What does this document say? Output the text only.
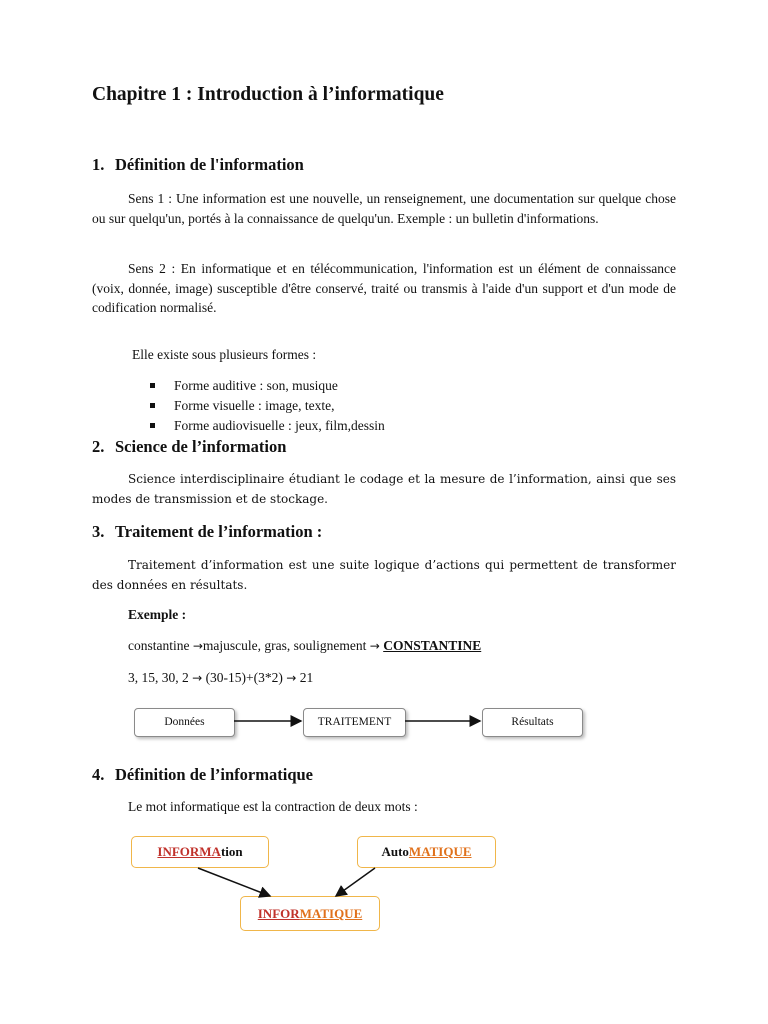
Chapitre 1 : Introduction à l’informatique
1. Définition de l'information

Sens 1 : Une information est une nouvelle, un renseignement, une documentation sur quelque chose ou sur quelqu'un, portés à la connaissance de quelqu'un. Exemple : un bulletin d'informations.

Sens 2 : En informatique et en télécommunication, l'information est un élément de connaissance (voix, donnée, image) susceptible d'être conservé, traité ou transmis à l'aide d'un support et d'un mode de codification normalisé.

Elle existe sous plusieurs formes :

Forme auditive : son, musique
Forme visuelle : image, texte,
Forme audiovisuelle : jeux, film,dessin
2. Science de l’information

Science interdisciplinaire étudiant le codage et la mesure de l’information, ainsi que ses modes de transmission et de stockage.

3. Traitement de l’information :

Traitement d’information est une suite logique d’actions qui permettent de transformer des données en résultats.

Exemple :

constantine →majuscule, gras, soulignement → CONSTANTINE

3, 15, 30, 2 → (30-15)+(3*2) → 21

Données	TRAITEMENT	Résultats
4. Définition de l’informatique

Le mot informatique est la contraction de deux mots :

INFORMAtion	AutoMATIQUE
INFORMATIQUE
